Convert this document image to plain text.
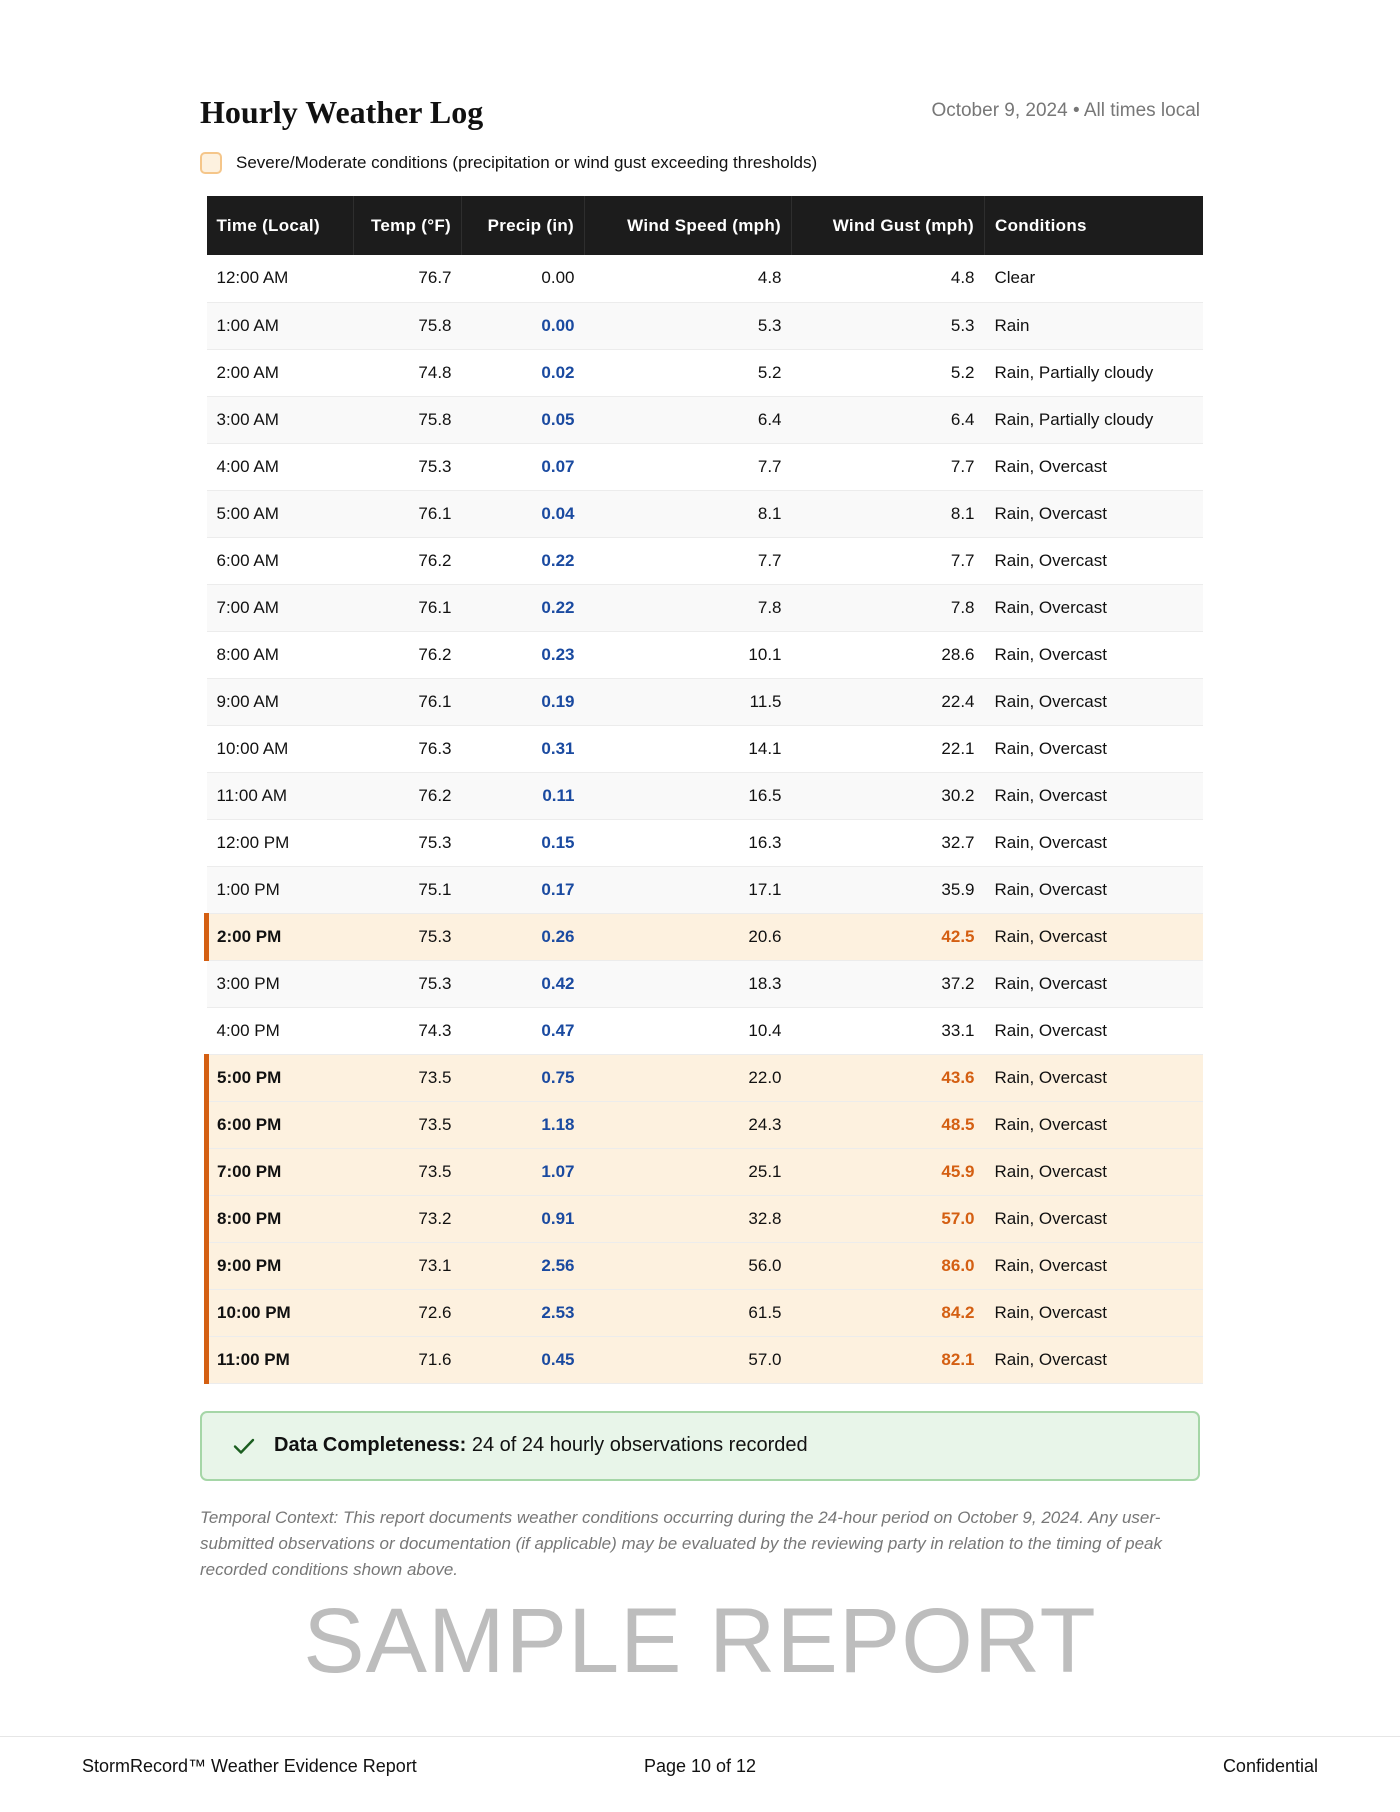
Hourly Weather Log	October 9, 2024 • All times local
Severe/Moderate conditions (precipitation or wind gust exceeding thresholds)
Time (Local)	Temp (°F)	Precip (in)	Wind Speed (mph)	Wind Gust (mph)	Conditions
12:00 AM	76.7	0.00	4.8	4.8	Clear
1:00 AM	75.8	0.00	5.3	5.3	Rain
2:00 AM	74.8	0.02	5.2	5.2	Rain, Partially cloudy
3:00 AM	75.8	0.05	6.4	6.4	Rain, Partially cloudy
4:00 AM	75.3	0.07	7.7	7.7	Rain, Overcast
5:00 AM	76.1	0.04	8.1	8.1	Rain, Overcast
6:00 AM	76.2	0.22	7.7	7.7	Rain, Overcast
7:00 AM	76.1	0.22	7.8	7.8	Rain, Overcast
8:00 AM	76.2	0.23	10.1	28.6	Rain, Overcast
9:00 AM	76.1	0.19	11.5	22.4	Rain, Overcast
10:00 AM	76.3	0.31	14.1	22.1	Rain, Overcast
11:00 AM	76.2	0.11	16.5	30.2	Rain, Overcast
12:00 PM	75.3	0.15	16.3	32.7	Rain, Overcast
1:00 PM	75.1	0.17	17.1	35.9	Rain, Overcast
2:00 PM	75.3	0.26	20.6	42.5	Rain, Overcast
3:00 PM	75.3	0.42	18.3	37.2	Rain, Overcast
4:00 PM	74.3	0.47	10.4	33.1	Rain, Overcast
5:00 PM	73.5	0.75	22.0	43.6	Rain, Overcast
6:00 PM	73.5	1.18	24.3	48.5	Rain, Overcast
7:00 PM	73.5	1.07	25.1	45.9	Rain, Overcast
8:00 PM	73.2	0.91	32.8	57.0	Rain, Overcast
9:00 PM	73.1	2.56	56.0	86.0	Rain, Overcast
10:00 PM	72.6	2.53	61.5	84.2	Rain, Overcast
11:00 PM	71.6	0.45	57.0	82.1	Rain, Overcast
Data Completeness: 24 of 24 hourly observations recorded
Temporal Context: This report documents weather conditions occurring during the 24-hour period on October 9, 2024. Any user-submitted observations or documentation (if applicable) may be evaluated by the reviewing party in relation to the timing of peak recorded conditions shown above.
SAMPLE REPORT
StormRecord™ Weather Evidence Report	Page 10 of 12	Confidential
